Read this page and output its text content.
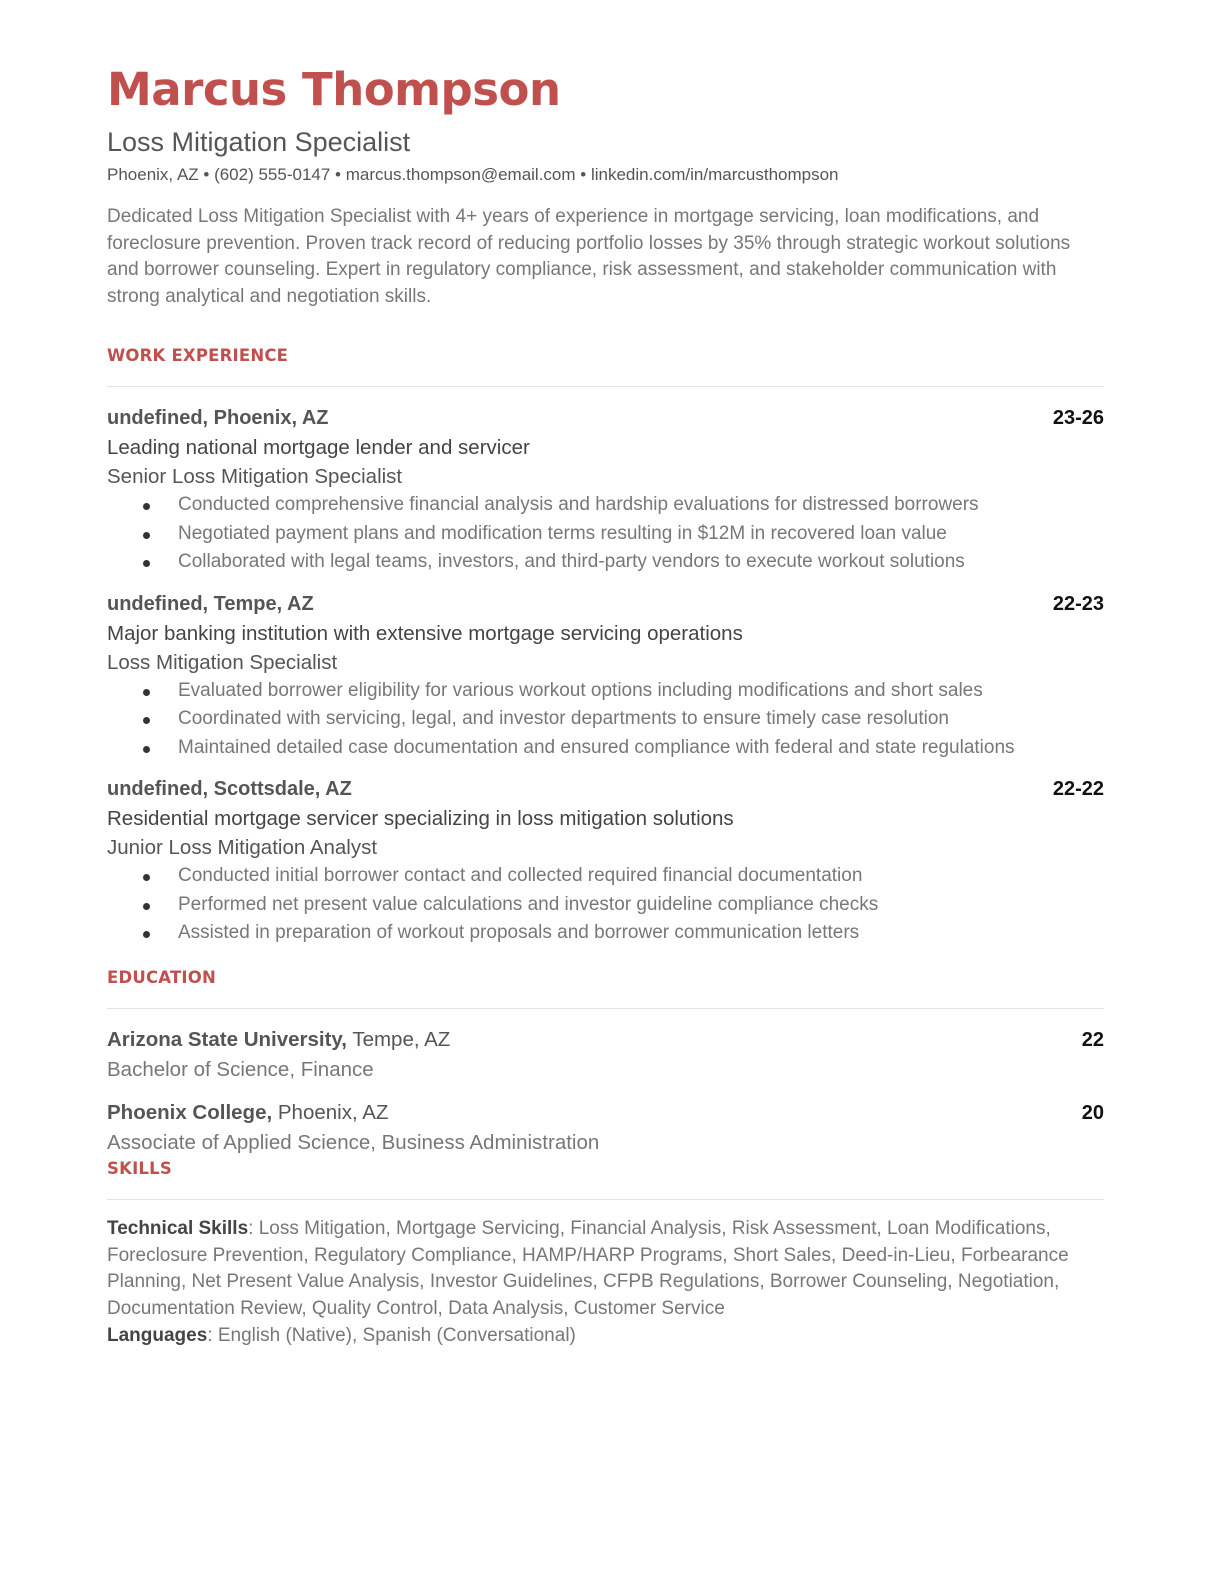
Marcus Thompson
Loss Mitigation Specialist
Phoenix, AZ • (602) 555-0147 • marcus.thompson@email.com • linkedin.com/in/marcusthompson
Dedicated Loss Mitigation Specialist with 4+ years of experience in mortgage servicing, loan modifications, and foreclosure prevention. Proven track record of reducing portfolio losses by 35% through strategic workout solutions and borrower counseling. Expert in regulatory compliance, risk assessment, and stakeholder communication with strong analytical and negotiation skills.
WORK EXPERIENCE
undefined, Phoenix, AZ	23-26
Leading national mortgage lender and servicer
Senior Loss Mitigation Specialist
Conducted comprehensive financial analysis and hardship evaluations for distressed borrowers
Negotiated payment plans and modification terms resulting in $12M in recovered loan value
Collaborated with legal teams, investors, and third-party vendors to execute workout solutions
undefined, Tempe, AZ	22-23
Major banking institution with extensive mortgage servicing operations
Loss Mitigation Specialist
Evaluated borrower eligibility for various workout options including modifications and short sales
Coordinated with servicing, legal, and investor departments to ensure timely case resolution
Maintained detailed case documentation and ensured compliance with federal and state regulations
undefined, Scottsdale, AZ	22-22
Residential mortgage servicer specializing in loss mitigation solutions
Junior Loss Mitigation Analyst
Conducted initial borrower contact and collected required financial documentation
Performed net present value calculations and investor guideline compliance checks
Assisted in preparation of workout proposals and borrower communication letters
EDUCATION
Arizona State University, Tempe, AZ	22
Bachelor of Science, Finance
Phoenix College, Phoenix, AZ	20
Associate of Applied Science, Business Administration
SKILLS

Technical Skills: Loss Mitigation, Mortgage Servicing, Financial Analysis, Risk Assessment, Loan Modifications, Foreclosure Prevention, Regulatory Compliance, HAMP/HARP Programs, Short Sales, Deed-in-Lieu, Forbearance Planning, Net Present Value Analysis, Investor Guidelines, CFPB Regulations, Borrower Counseling, Negotiation, Documentation Review, Quality Control, Data Analysis, Customer Service

Languages: English (Native), Spanish (Conversational)
